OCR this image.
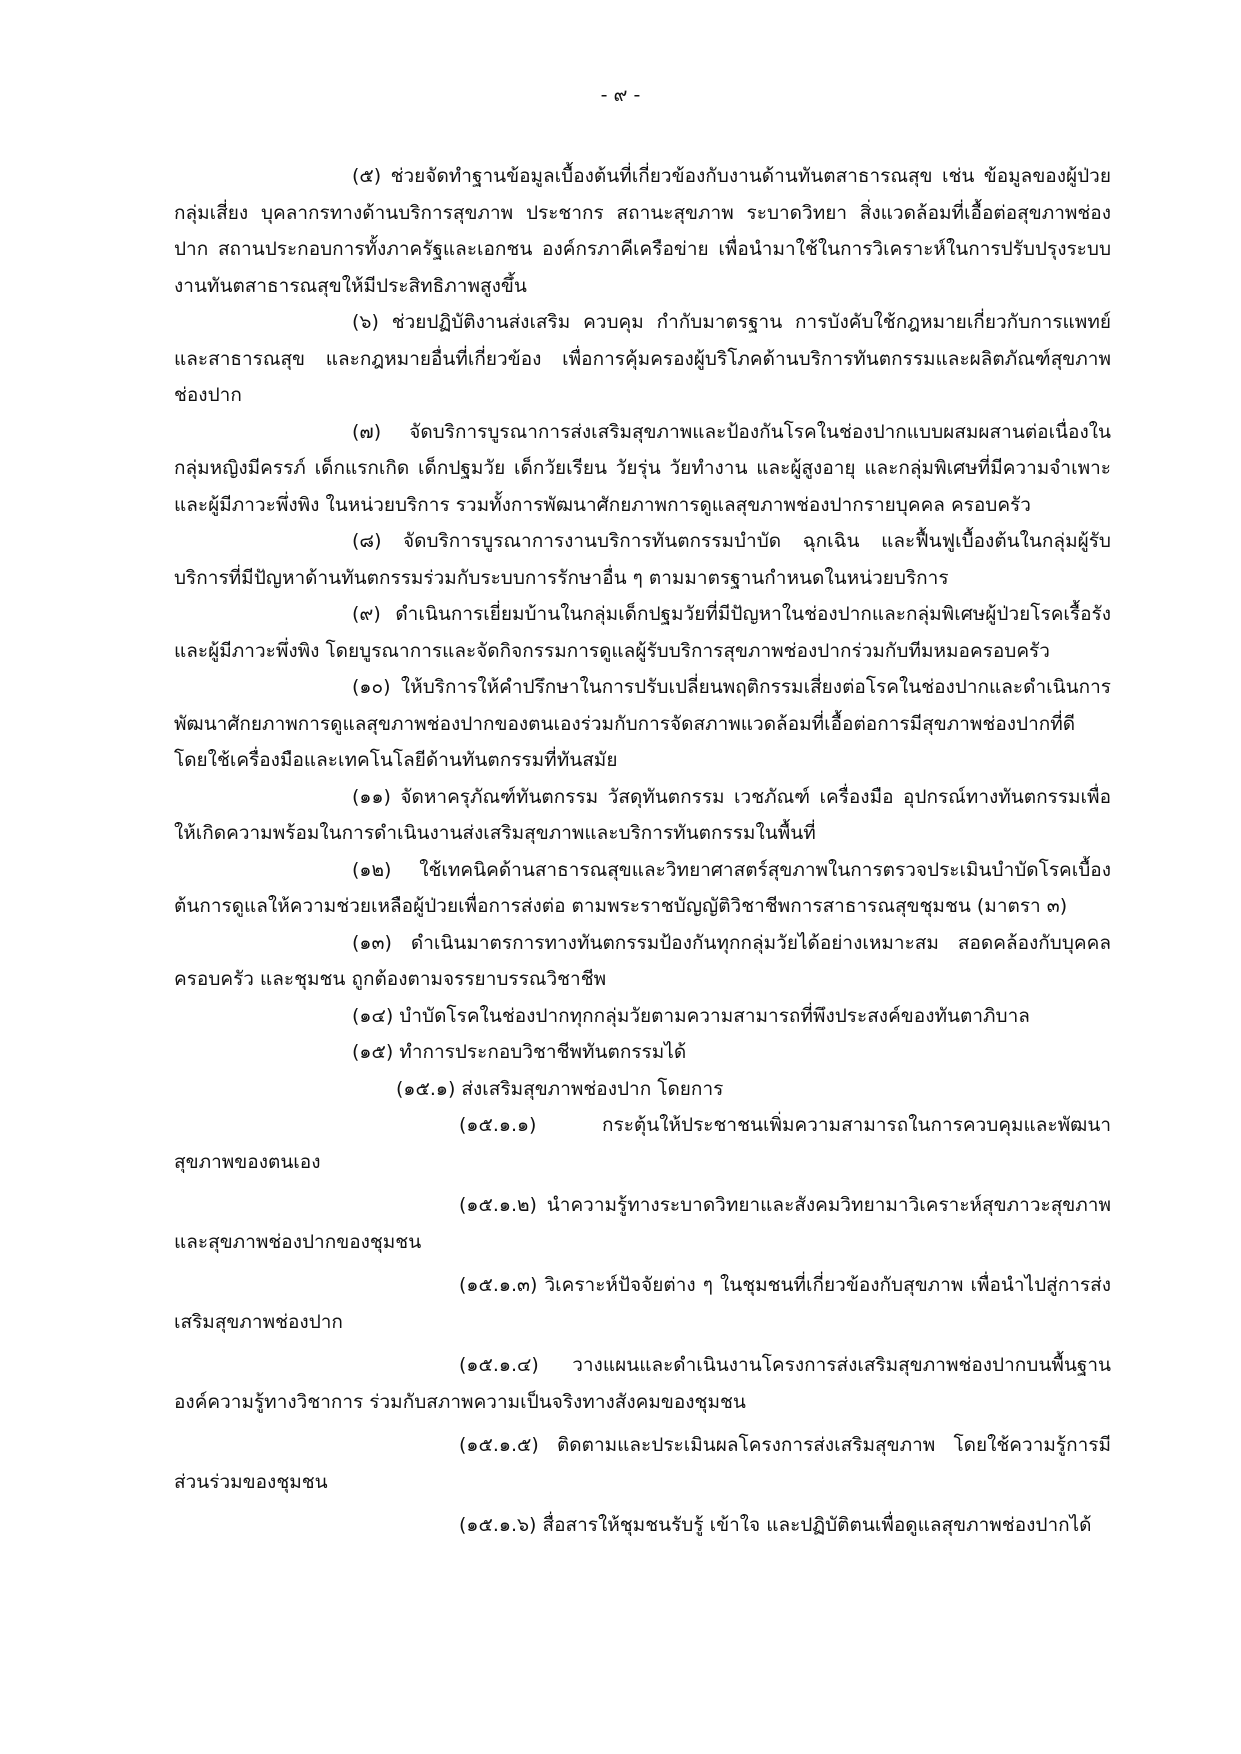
- ๙ -

(๕) ช่วยจัดทำฐานข้อมูลเบื้องต้นที่เกี่ยวข้องกับงานด้านทันตสาธารณสุข เช่น ข้อมูลของผู้ป่วย กลุ่มเสี่ยง บุคลากรทางด้านบริการสุขภาพ ประชากร สถานะสุขภาพ ระบาดวิทยา สิ่งแวดล้อมที่เอื้อต่อสุขภาพช่องปาก สถานประกอบการทั้งภาครัฐและเอกชน องค์กรภาคีเครือข่าย เพื่อนำมาใช้ในการวิเคราะห์ในการปรับปรุงระบบงานทันตสาธารณสุขให้มีประสิทธิภาพสูงขึ้น

(๖) ช่วยปฏิบัติงานส่งเสริม ควบคุม กำกับมาตรฐาน การบังคับใช้กฎหมายเกี่ยวกับการแพทย์และสาธารณสุข และกฎหมายอื่นที่เกี่ยวข้อง เพื่อการคุ้มครองผู้บริโภคด้านบริการทันตกรรมและผลิตภัณฑ์สุขภาพช่องปาก

(๗) จัดบริการบูรณาการส่งเสริมสุขภาพและป้องกันโรคในช่องปากแบบผสมผสานต่อเนื่องในกลุ่มหญิงมีครรภ์ เด็กแรกเกิด เด็กปฐมวัย เด็กวัยเรียน วัยรุ่น วัยทำงาน และผู้สูงอายุ และกลุ่มพิเศษที่มีความจำเพาะและผู้มีภาวะพึ่งพิง ในหน่วยบริการ รวมทั้งการพัฒนาศักยภาพการดูแลสุขภาพช่องปากรายบุคคล ครอบครัว

(๘) จัดบริการบูรณาการงานบริการทันตกรรมบำบัด ฉุกเฉิน และฟื้นฟูเบื้องต้นในกลุ่มผู้รับบริการที่มีปัญหาด้านทันตกรรมร่วมกับระบบการรักษาอื่น ๆ ตามมาตรฐานกำหนดในหน่วยบริการ

(๙) ดำเนินการเยี่ยมบ้านในกลุ่มเด็กปฐมวัยที่มีปัญหาในช่องปากและกลุ่มพิเศษผู้ป่วยโรคเรื้อรัง และผู้มีภาวะพึ่งพิง โดยบูรณาการและจัดกิจกรรมการดูแลผู้รับบริการสุขภาพช่องปากร่วมกับทีมหมอครอบครัว

(๑๐) ให้บริการให้คำปรึกษาในการปรับเปลี่ยนพฤติกรรมเสี่ยงต่อโรคในช่องปากและดำเนินการพัฒนาศักยภาพการดูแลสุขภาพช่องปากของตนเองร่วมกับการจัดสภาพแวดล้อมที่เอื้อต่อการมีสุขภาพช่องปากที่ดี โดยใช้เครื่องมือและเทคโนโลยีด้านทันตกรรมที่ทันสมัย

(๑๑) จัดหาครุภัณฑ์ทันตกรรม วัสดุทันตกรรม เวชภัณฑ์ เครื่องมือ อุปกรณ์ทางทันตกรรมเพื่อให้เกิดความพร้อมในการดำเนินงานส่งเสริมสุขภาพและบริการทันตกรรมในพื้นที่

(๑๒) ใช้เทคนิคด้านสาธารณสุขและวิทยาศาสตร์สุขภาพในการตรวจประเมินบำบัดโรคเบื้องต้นการดูแลให้ความช่วยเหลือผู้ป่วยเพื่อการส่งต่อ ตามพระราชบัญญัติวิชาชีพการสาธารณสุขชุมชน (มาตรา ๓)

(๑๓) ดำเนินมาตรการทางทันตกรรมป้องกันทุกกลุ่มวัยได้อย่างเหมาะสม สอดคล้องกับบุคคล ครอบครัว และชุมชน ถูกต้องตามจรรยาบรรณวิชาชีพ

(๑๔) บำบัดโรคในช่องปากทุกกลุ่มวัยตามความสามารถที่พึงประสงค์ของทันตาภิบาล

(๑๕) ทำการประกอบวิชาชีพทันตกรรมได้

(๑๕.๑) ส่งเสริมสุขภาพช่องปาก โดยการ

(๑๕.๑.๑) กระตุ้นให้ประชาชนเพิ่มความสามารถในการควบคุมและพัฒนาสุขภาพของตนเอง

(๑๕.๑.๒) นำความรู้ทางระบาดวิทยาและสังคมวิทยามาวิเคราะห์สุขภาวะสุขภาพและสุขภาพช่องปากของชุมชน

(๑๕.๑.๓) วิเคราะห์ปัจจัยต่าง ๆ ในชุมชนที่เกี่ยวข้องกับสุขภาพ เพื่อนำไปสู่การส่งเสริมสุขภาพช่องปาก

(๑๕.๑.๔) วางแผนและดำเนินงานโครงการส่งเสริมสุขภาพช่องปากบนพื้นฐานองค์ความรู้ทางวิชาการ ร่วมกับสภาพความเป็นจริงทางสังคมของชุมชน

(๑๕.๑.๕) ติดตามและประเมินผลโครงการส่งเสริมสุขภาพ โดยใช้ความรู้การมีส่วนร่วมของชุมชน

(๑๕.๑.๖) สื่อสารให้ชุมชนรับรู้ เข้าใจ และปฏิบัติตนเพื่อดูแลสุขภาพช่องปากได้
